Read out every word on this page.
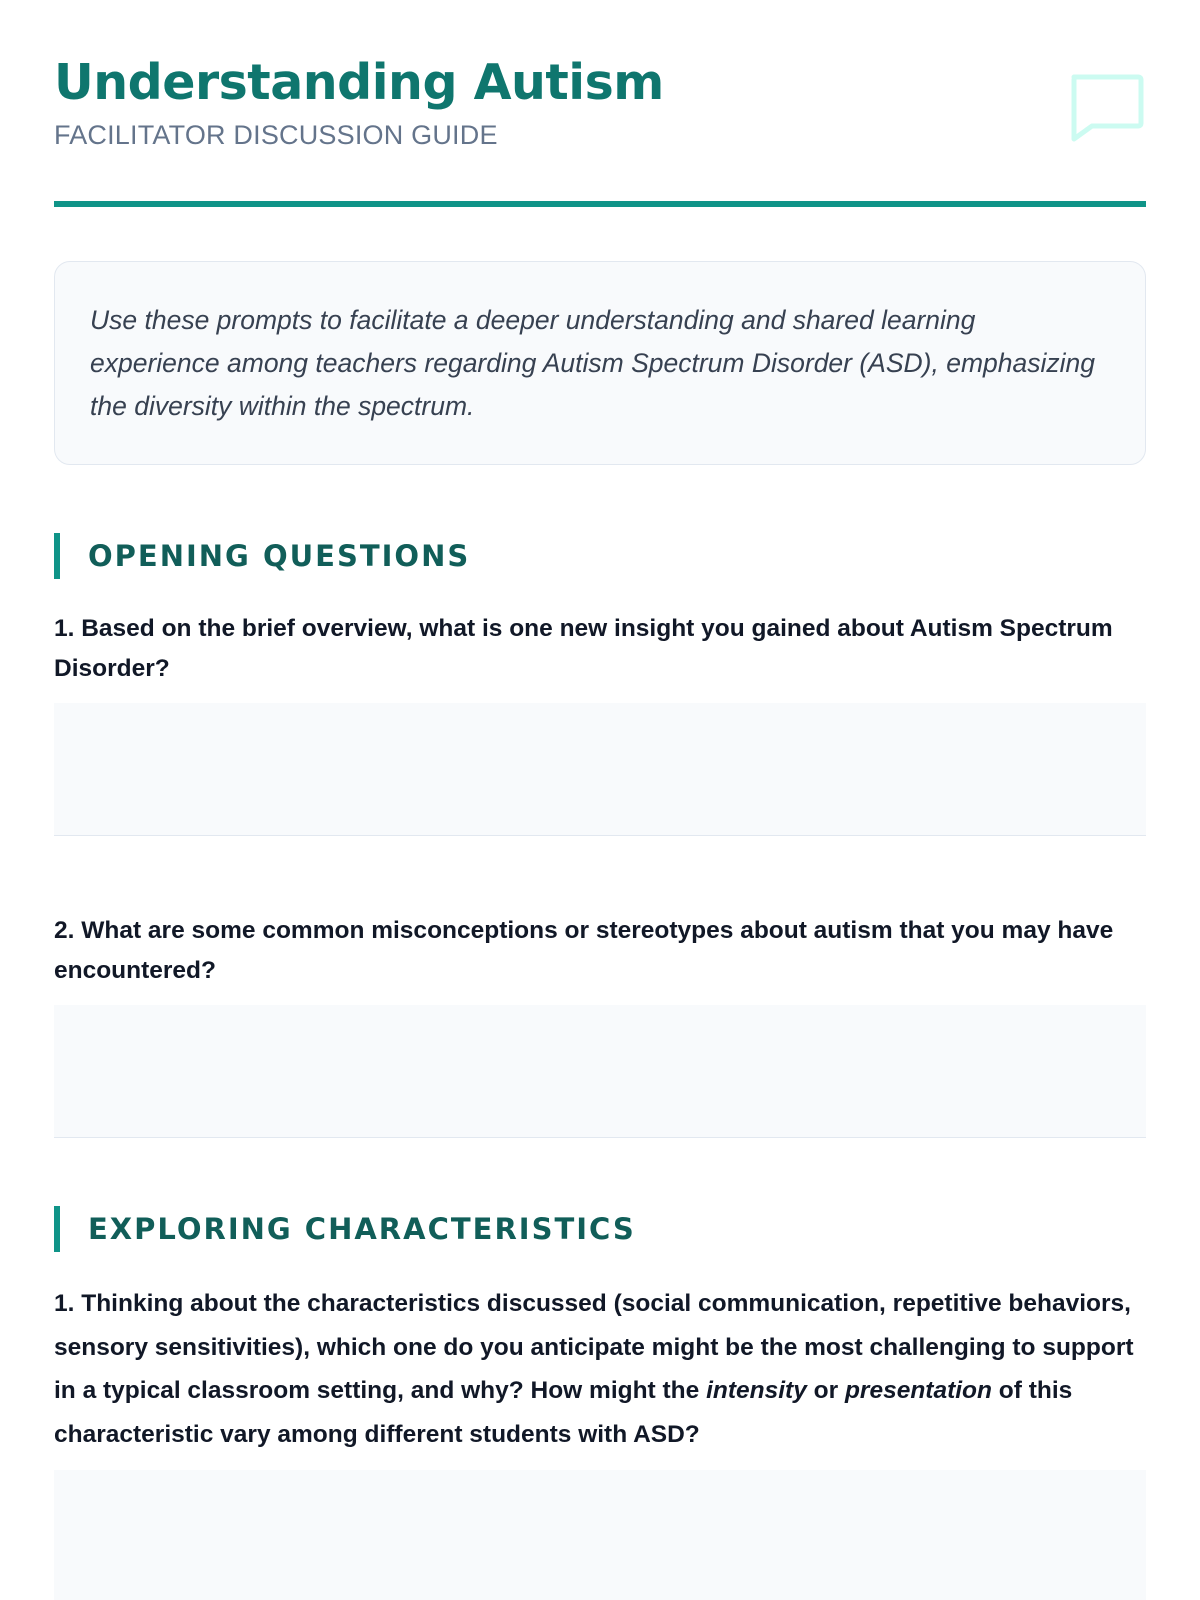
Understanding Autism
FACILITATOR DISCUSSION GUIDE
Use these prompts to facilitate a deeper understanding and shared learning experience among teachers regarding Autism Spectrum Disorder (ASD), emphasizing the diversity within the spectrum.
OPENING QUESTIONS

1. Based on the brief overview, what is one new insight you gained about Autism Spectrum Disorder?

2. What are some common misconceptions or stereotypes about autism that you may have encountered?

EXPLORING CHARACTERISTICS

1. Thinking about the characteristics discussed (social communication, repetitive behaviors, sensory sensitivities), which one do you anticipate might be the most challenging to support in a typical classroom setting, and why? How might the intensity or presentation of this characteristic vary among different students with ASD?
